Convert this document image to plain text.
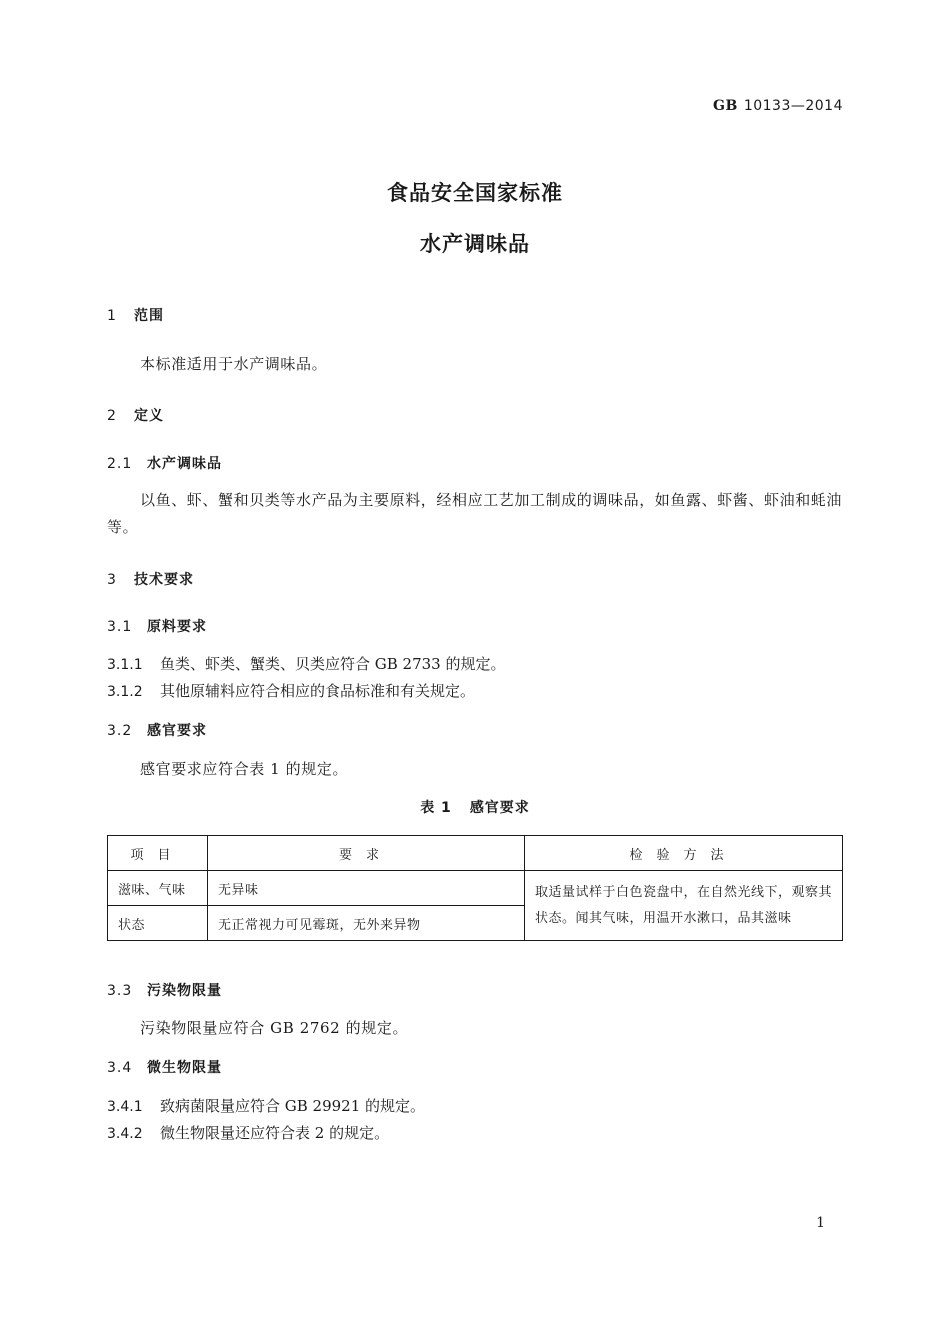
GB 10133—2014
食品安全国家标准
水产调味品
1 范围
本标准适用于水产调味品。
2 定义
2.1 水产调味品
以鱼、虾、蟹和贝类等水产品为主要原料，经相应工艺加工制成的调味品，如鱼露、虾酱、虾油和蚝油等。
3 技术要求
3.1 原料要求
3.1.1 鱼类、虾类、蟹类、贝类应符合 GB 2733 的规定。
3.1.2 其他原辅料应符合相应的食品标准和有关规定。
3.2 感官要求
感官要求应符合表 1 的规定。
表 1 感官要求
项目	要求	检验方法
滋味、气味	无异味	取适量试样于白色瓷盘中，在自然光线下，观察其状态。闻其气味，用温开水漱口，品其滋味
状态	无正常视力可见霉斑，无外来异物	
3.3 污染物限量
污染物限量应符合 GB 2762 的规定。
3.4 微生物限量
3.4.1 致病菌限量应符合 GB 29921 的规定。
3.4.2 微生物限量还应符合表 2 的规定。
1
